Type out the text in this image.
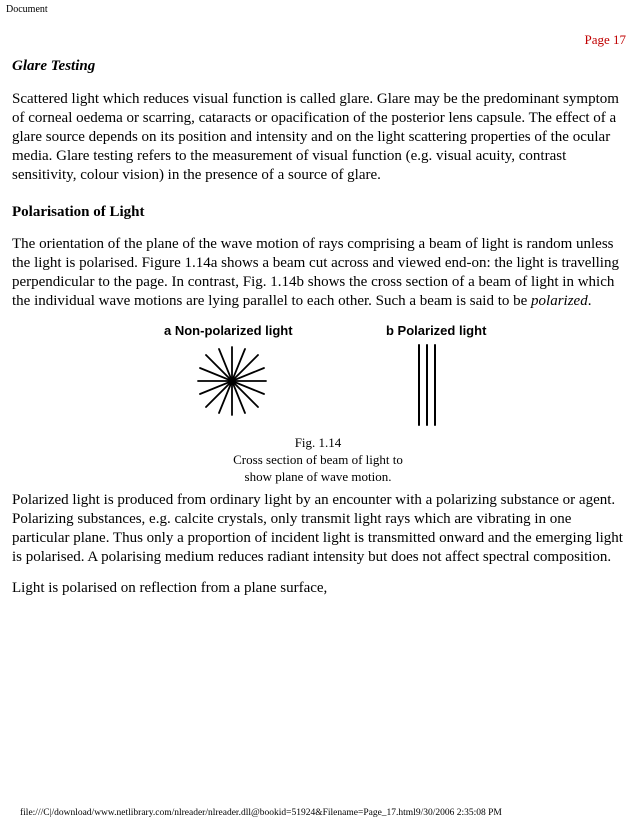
Document
Page 17
Glare Testing

Scattered light which reduces visual function is called glare. Glare may be the predominant symptom of corneal oedema or scarring, cataracts or opacification of the posterior lens capsule. The effect of a glare source depends on its position and intensity and on the light scattering properties of the ocular media. Glare testing refers to the measurement of visual function (e.g. visual acuity, contrast sensitivity, colour vision) in the presence of a source of glare.

Polarisation of Light

The orientation of the plane of the wave motion of rays comprising a beam of light is random unless the light is polarised. Figure 1.14a shows a beam cut across and viewed end-on: the light is travelling perpendicular to the page. In contrast, Fig. 1.14b shows the cross section of a beam of light in which the individual wave motions are lying parallel to each other. Such a beam is said to be polarized.

a Non-polarized light	b Polarized light
Fig. 1.14
Cross section of beam of light to
show plane of wave motion.

Polarized light is produced from ordinary light by an encounter with a polarizing substance or agent. Polarizing substances, e.g. calcite crystals, only transmit light rays which are vibrating in one particular plane. Thus only a proportion of incident light is transmitted onward and the emerging light is polarised. A polarising medium reduces radiant intensity but does not affect spectral composition.

Light is polarised on reflection from a plane surface,

file:///C|/download/www.netlibrary.com/nlreader/nlreader.dll@bookid=51924&Filename=Page_17.html9/30/2006 2:35:08 PM
